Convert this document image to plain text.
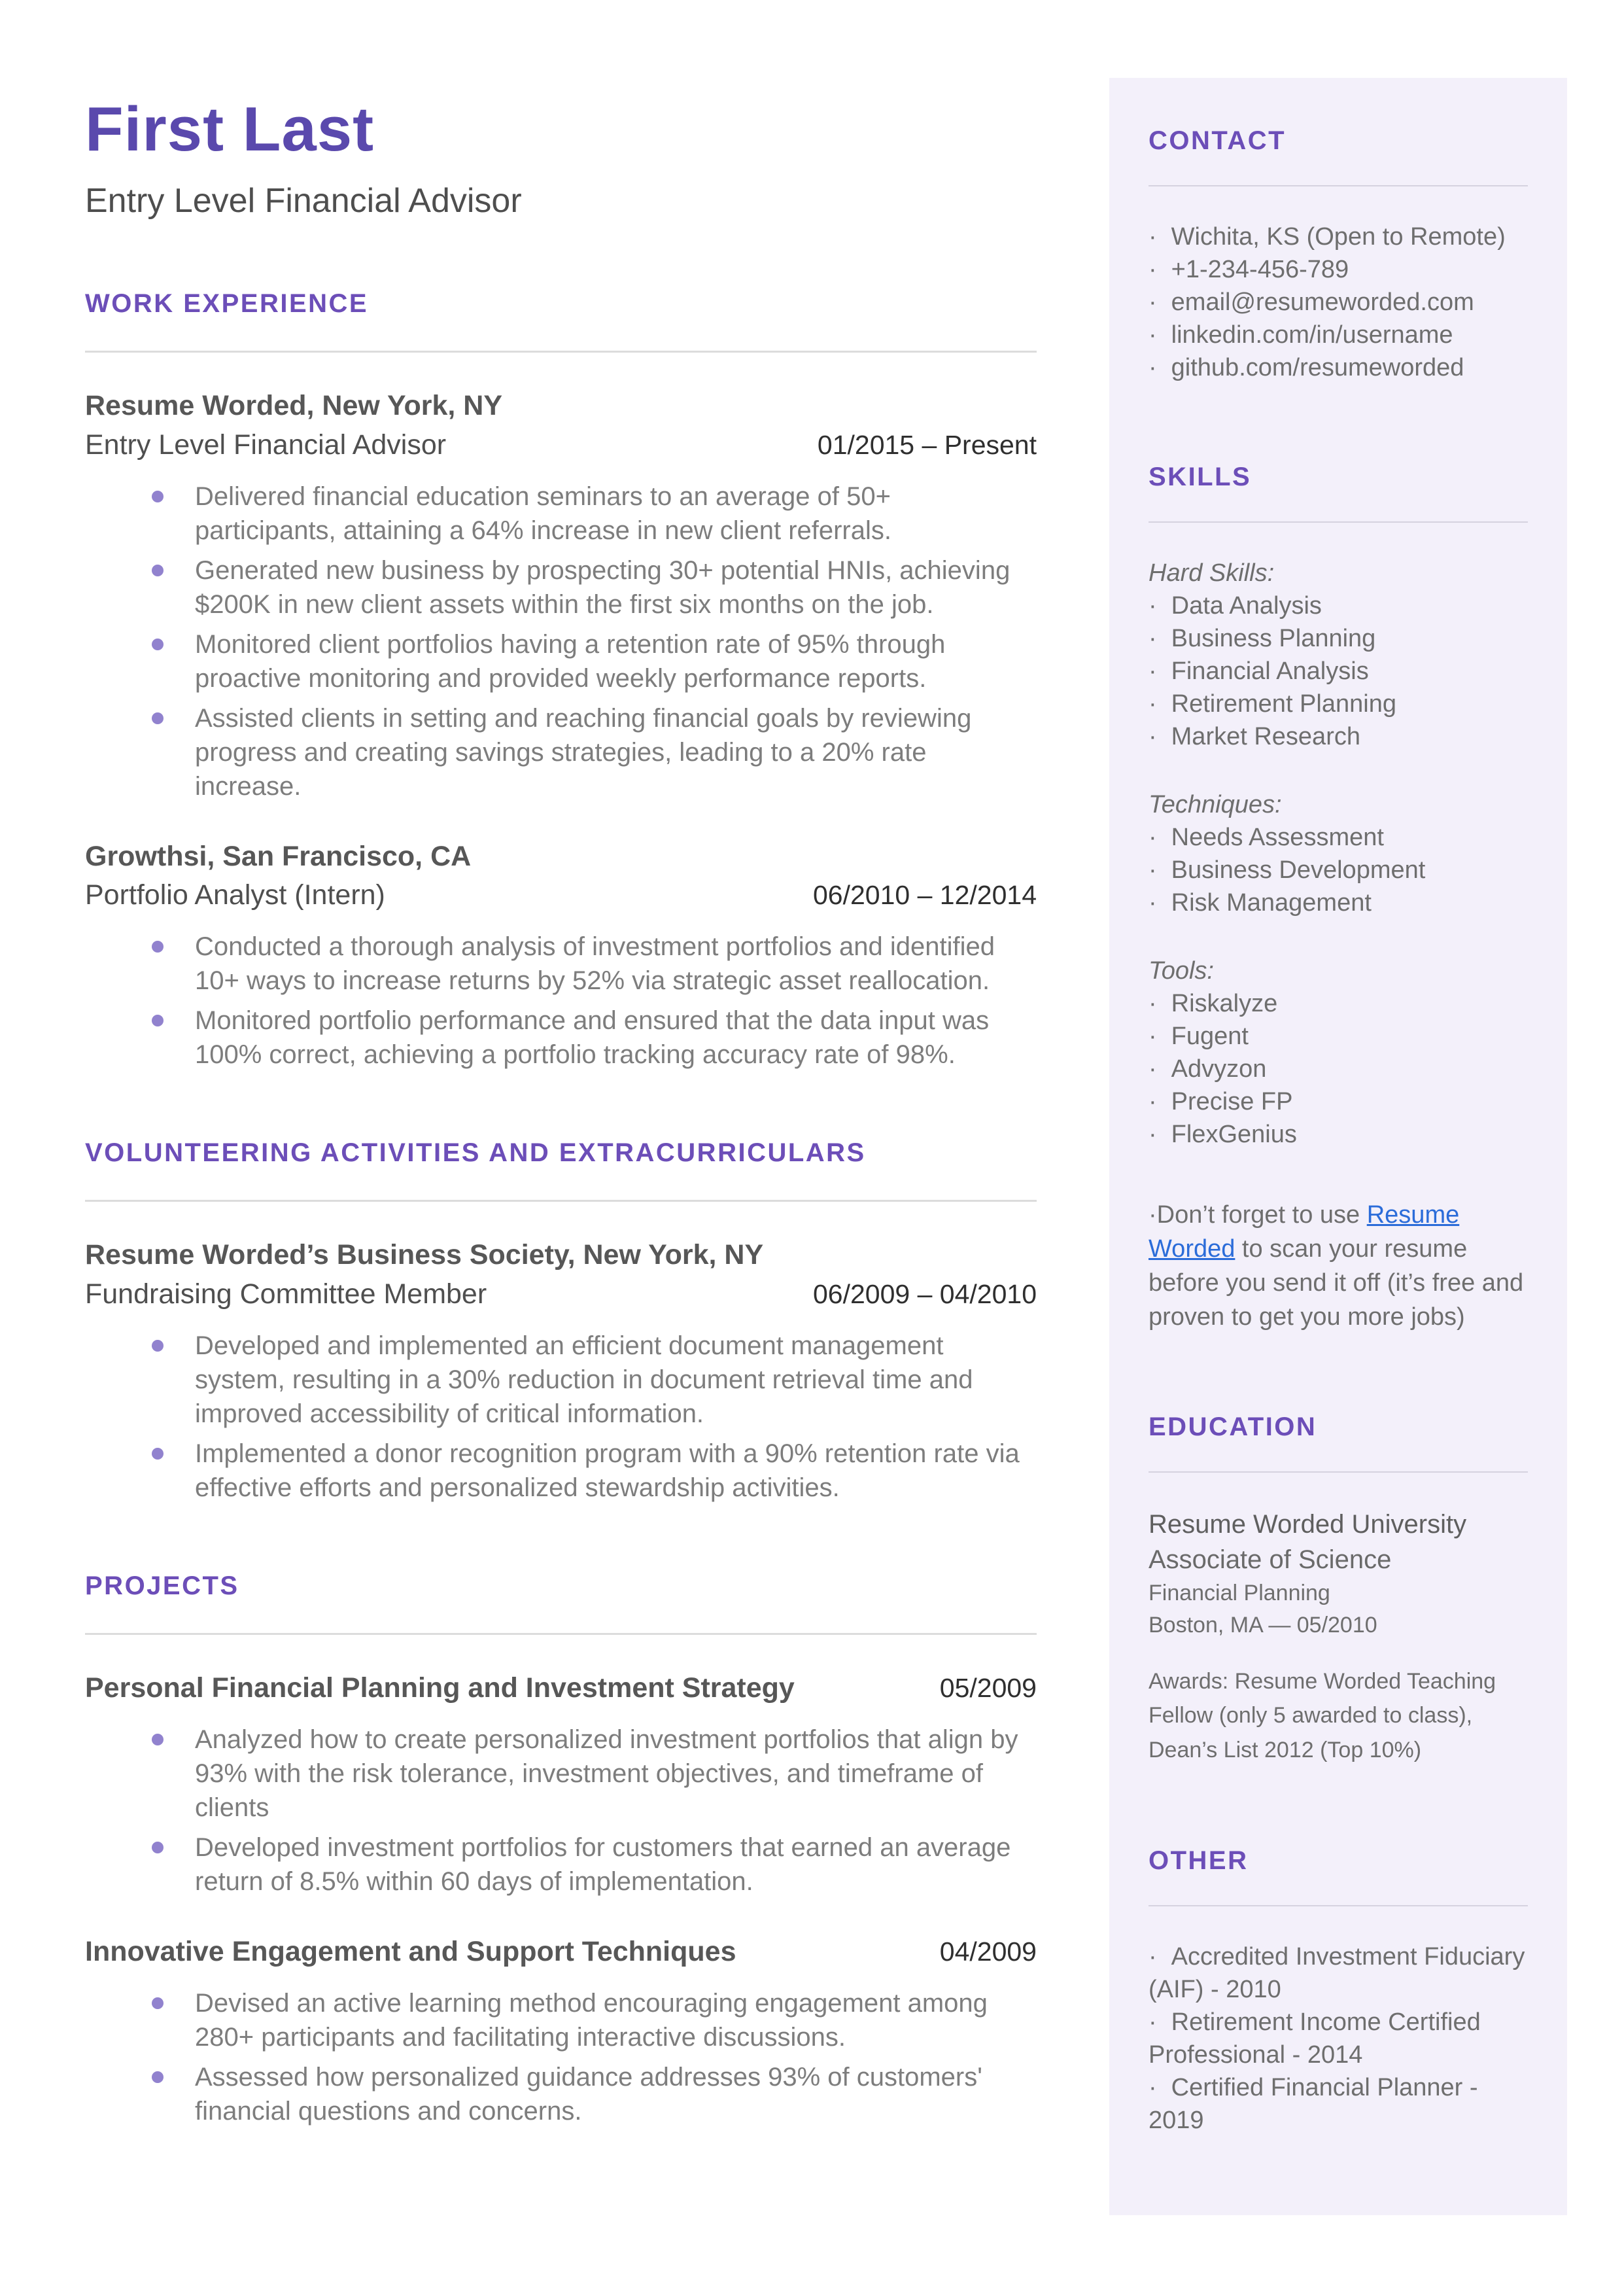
First Last
Entry Level Financial Advisor
WORK EXPERIENCE
Resume Worded, New York, NY
Entry Level Financial Advisor	01/2015 – Present
Delivered financial education seminars to an average of 50+ participants, attaining a 64% increase in new client referrals.
Generated new business by prospecting 30+ potential HNIs, achieving $200K in new client assets within the first six months on the job.
Monitored client portfolios having a retention rate of 95% through proactive monitoring and provided weekly performance reports.
Assisted clients in setting and reaching financial goals by reviewing progress and creating savings strategies, leading to a 20% rate increase.
Growthsi, San Francisco, CA
Portfolio Analyst (Intern)	06/2010 – 12/2014
Conducted a thorough analysis of investment portfolios and identified 10+ ways to increase returns by 52% via strategic asset reallocation.
Monitored portfolio performance and ensured that the data input was 100% correct, achieving a portfolio tracking accuracy rate of 98%.
VOLUNTEERING ACTIVITIES AND EXTRACURRICULARS
Resume Worded’s Business Society, New York, NY
Fundraising Committee Member	06/2009 – 04/2010
Developed and implemented an efficient document management system, resulting in a 30% reduction in document retrieval time and improved accessibility of critical information.
Implemented a donor recognition program with a 90% retention rate via effective efforts and personalized stewardship activities.
PROJECTS
Personal Financial Planning and Investment Strategy	05/2009
Analyzed how to create personalized investment portfolios that align by 93% with the risk tolerance, investment objectives, and timeframe of clients
Developed investment portfolios for customers that earned an average return of 8.5% within 60 days of implementation.
Innovative Engagement and Support Techniques	04/2009
Devised an active learning method encouraging engagement among 280+ participants and facilitating interactive discussions.
Assessed how personalized guidance addresses 93% of customers' financial questions and concerns.
CONTACT
· Wichita, KS (Open to Remote)
· +1-234-456-789
· email@resumeworded.com
· linkedin.com/in/username
· github.com/resumeworded
SKILLS
Hard Skills:
· Data Analysis
· Business Planning
· Financial Analysis
· Retirement Planning
· Market Research
Techniques:
· Needs Assessment
· Business Development
· Risk Management
Tools:
· Riskalyze
· Fugent
· Advyzon
· Precise FP
· FlexGenius
·Don’t forget to use Resume Worded to scan your resume before you send it off (it’s free and proven to get you more jobs)
EDUCATION
Resume Worded University
Associate of Science
Financial Planning
Boston, MA — 05/2010
Awards: Resume Worded Teaching Fellow (only 5 awarded to class), Dean’s List 2012 (Top 10%)
OTHER
· Accredited Investment Fiduciary (AIF) - 2010
· Retirement Income Certified Professional - 2014
· Certified Financial Planner - 2019
